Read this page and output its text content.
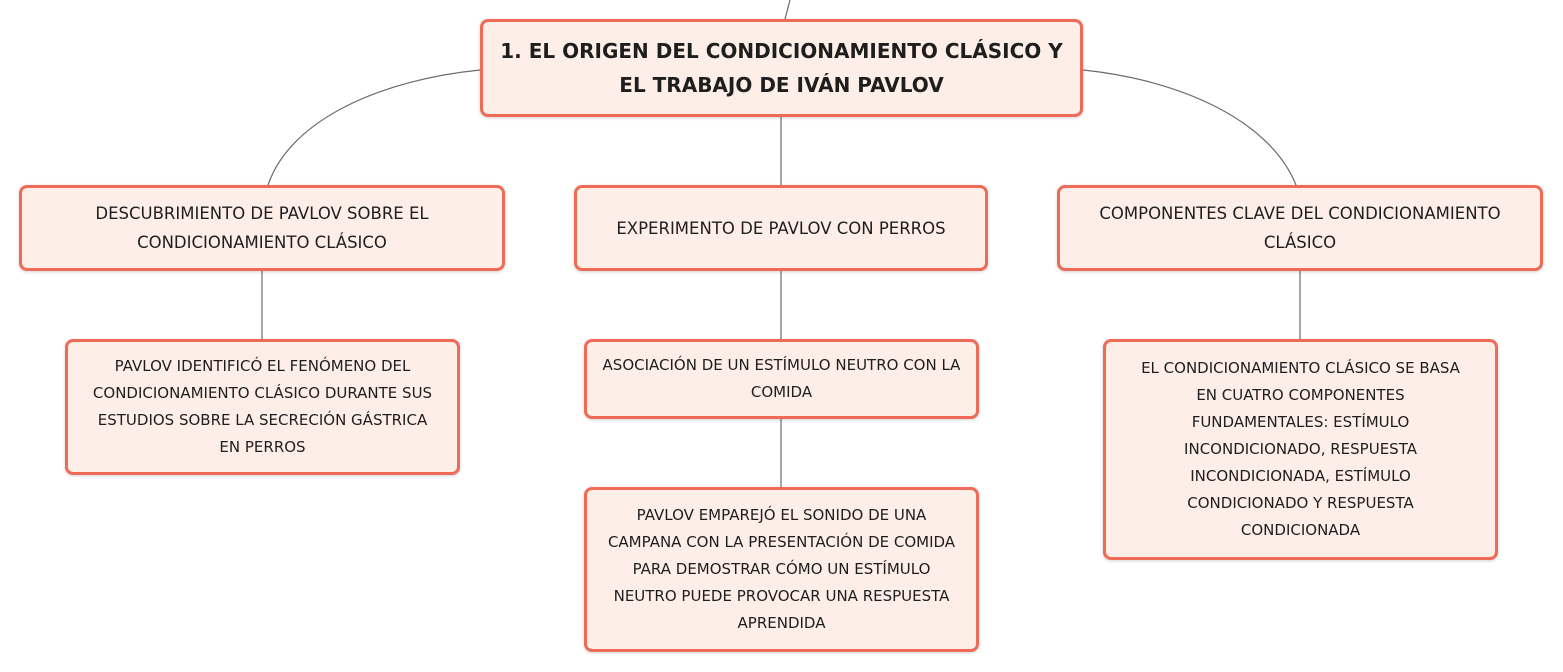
1. EL ORIGEN DEL CONDICIONAMIENTO CLÁSICO Y EL TRABAJO DE IVÁN PAVLOV
DESCUBRIMIENTO DE PAVLOV SOBRE EL CONDICIONAMIENTO CLÁSICO
EXPERIMENTO DE PAVLOV CON PERROS
COMPONENTES CLAVE DEL CONDICIONAMIENTO CLÁSICO
PAVLOV IDENTIFICÓ EL FENÓMENO DEL CONDICIONAMIENTO CLÁSICO DURANTE SUS ESTUDIOS SOBRE LA SECRECIÓN GÁSTRICA EN PERROS
ASOCIACIÓN DE UN ESTÍMULO NEUTRO CON LA COMIDA
PAVLOV EMPAREJÓ EL SONIDO DE UNA CAMPANA CON LA PRESENTACIÓN DE COMIDA PARA DEMOSTRAR CÓMO UN ESTÍMULO NEUTRO PUEDE PROVOCAR UNA RESPUESTA APRENDIDA
EL CONDICIONAMIENTO CLÁSICO SE BASA EN CUATRO COMPONENTES FUNDAMENTALES: ESTÍMULO INCONDICIONADO, RESPUESTA INCONDICIONADA, ESTÍMULO CONDICIONADO Y RESPUESTA CONDICIONADA
